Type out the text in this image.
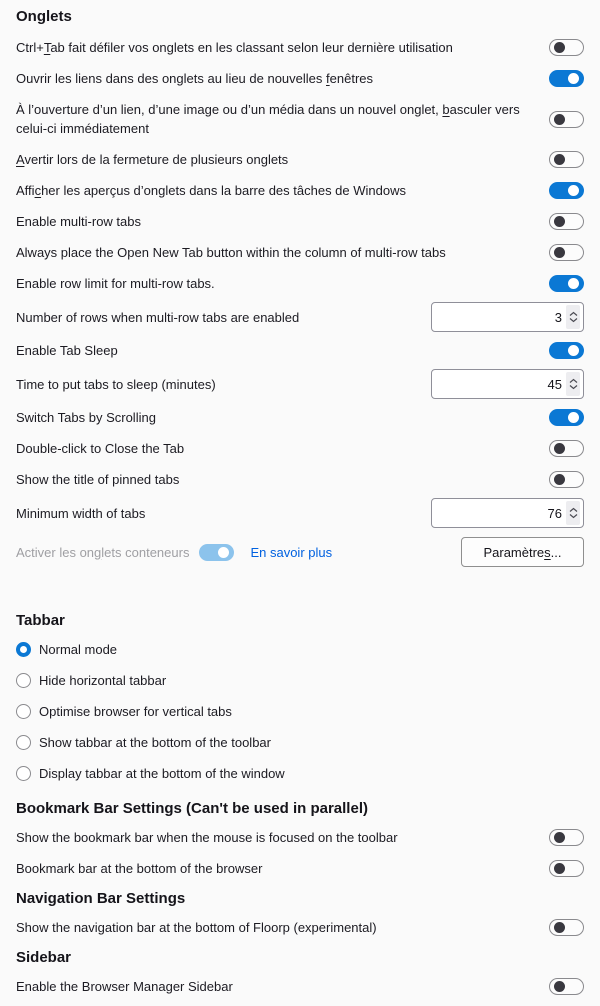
Onglets
Ctrl+Tab fait défiler vos onglets en les classant selon leur dernière utilisation
Ouvrir les liens dans des onglets au lieu de nouvelles fenêtres
À l’ouverture d’un lien, d’une image ou d’un média dans un nouvel onglet, basculer vers celui-ci immédiatement
Avertir lors de la fermeture de plusieurs onglets
Afficher les aperçus d’onglets dans la barre des tâches de Windows
Enable multi-row tabs
Always place the Open New Tab button within the column of multi-row tabs
Enable row limit for multi-row tabs.
Number of rows when multi-row tabs are enabled	3
Enable Tab Sleep
Time to put tabs to sleep (minutes)	45
Switch Tabs by Scrolling
Double-click to Close the Tab
Show the title of pinned tabs
Minimum width of tabs	76
Activer les onglets conteneurs	En savoir plus	Paramètre s ...
Tabbar
Normal mode
Hide horizontal tabbar
Optimise browser for vertical tabs
Show tabbar at the bottom of the toolbar
Display tabbar at the bottom of the window
Bookmark Bar Settings (Can't be used in parallel)
Show the bookmark bar when the mouse is focused on the toolbar
Bookmark bar at the bottom of the browser
Navigation Bar Settings
Show the navigation bar at the bottom of Floorp (experimental)
Sidebar
Enable the Browser Manager Sidebar
